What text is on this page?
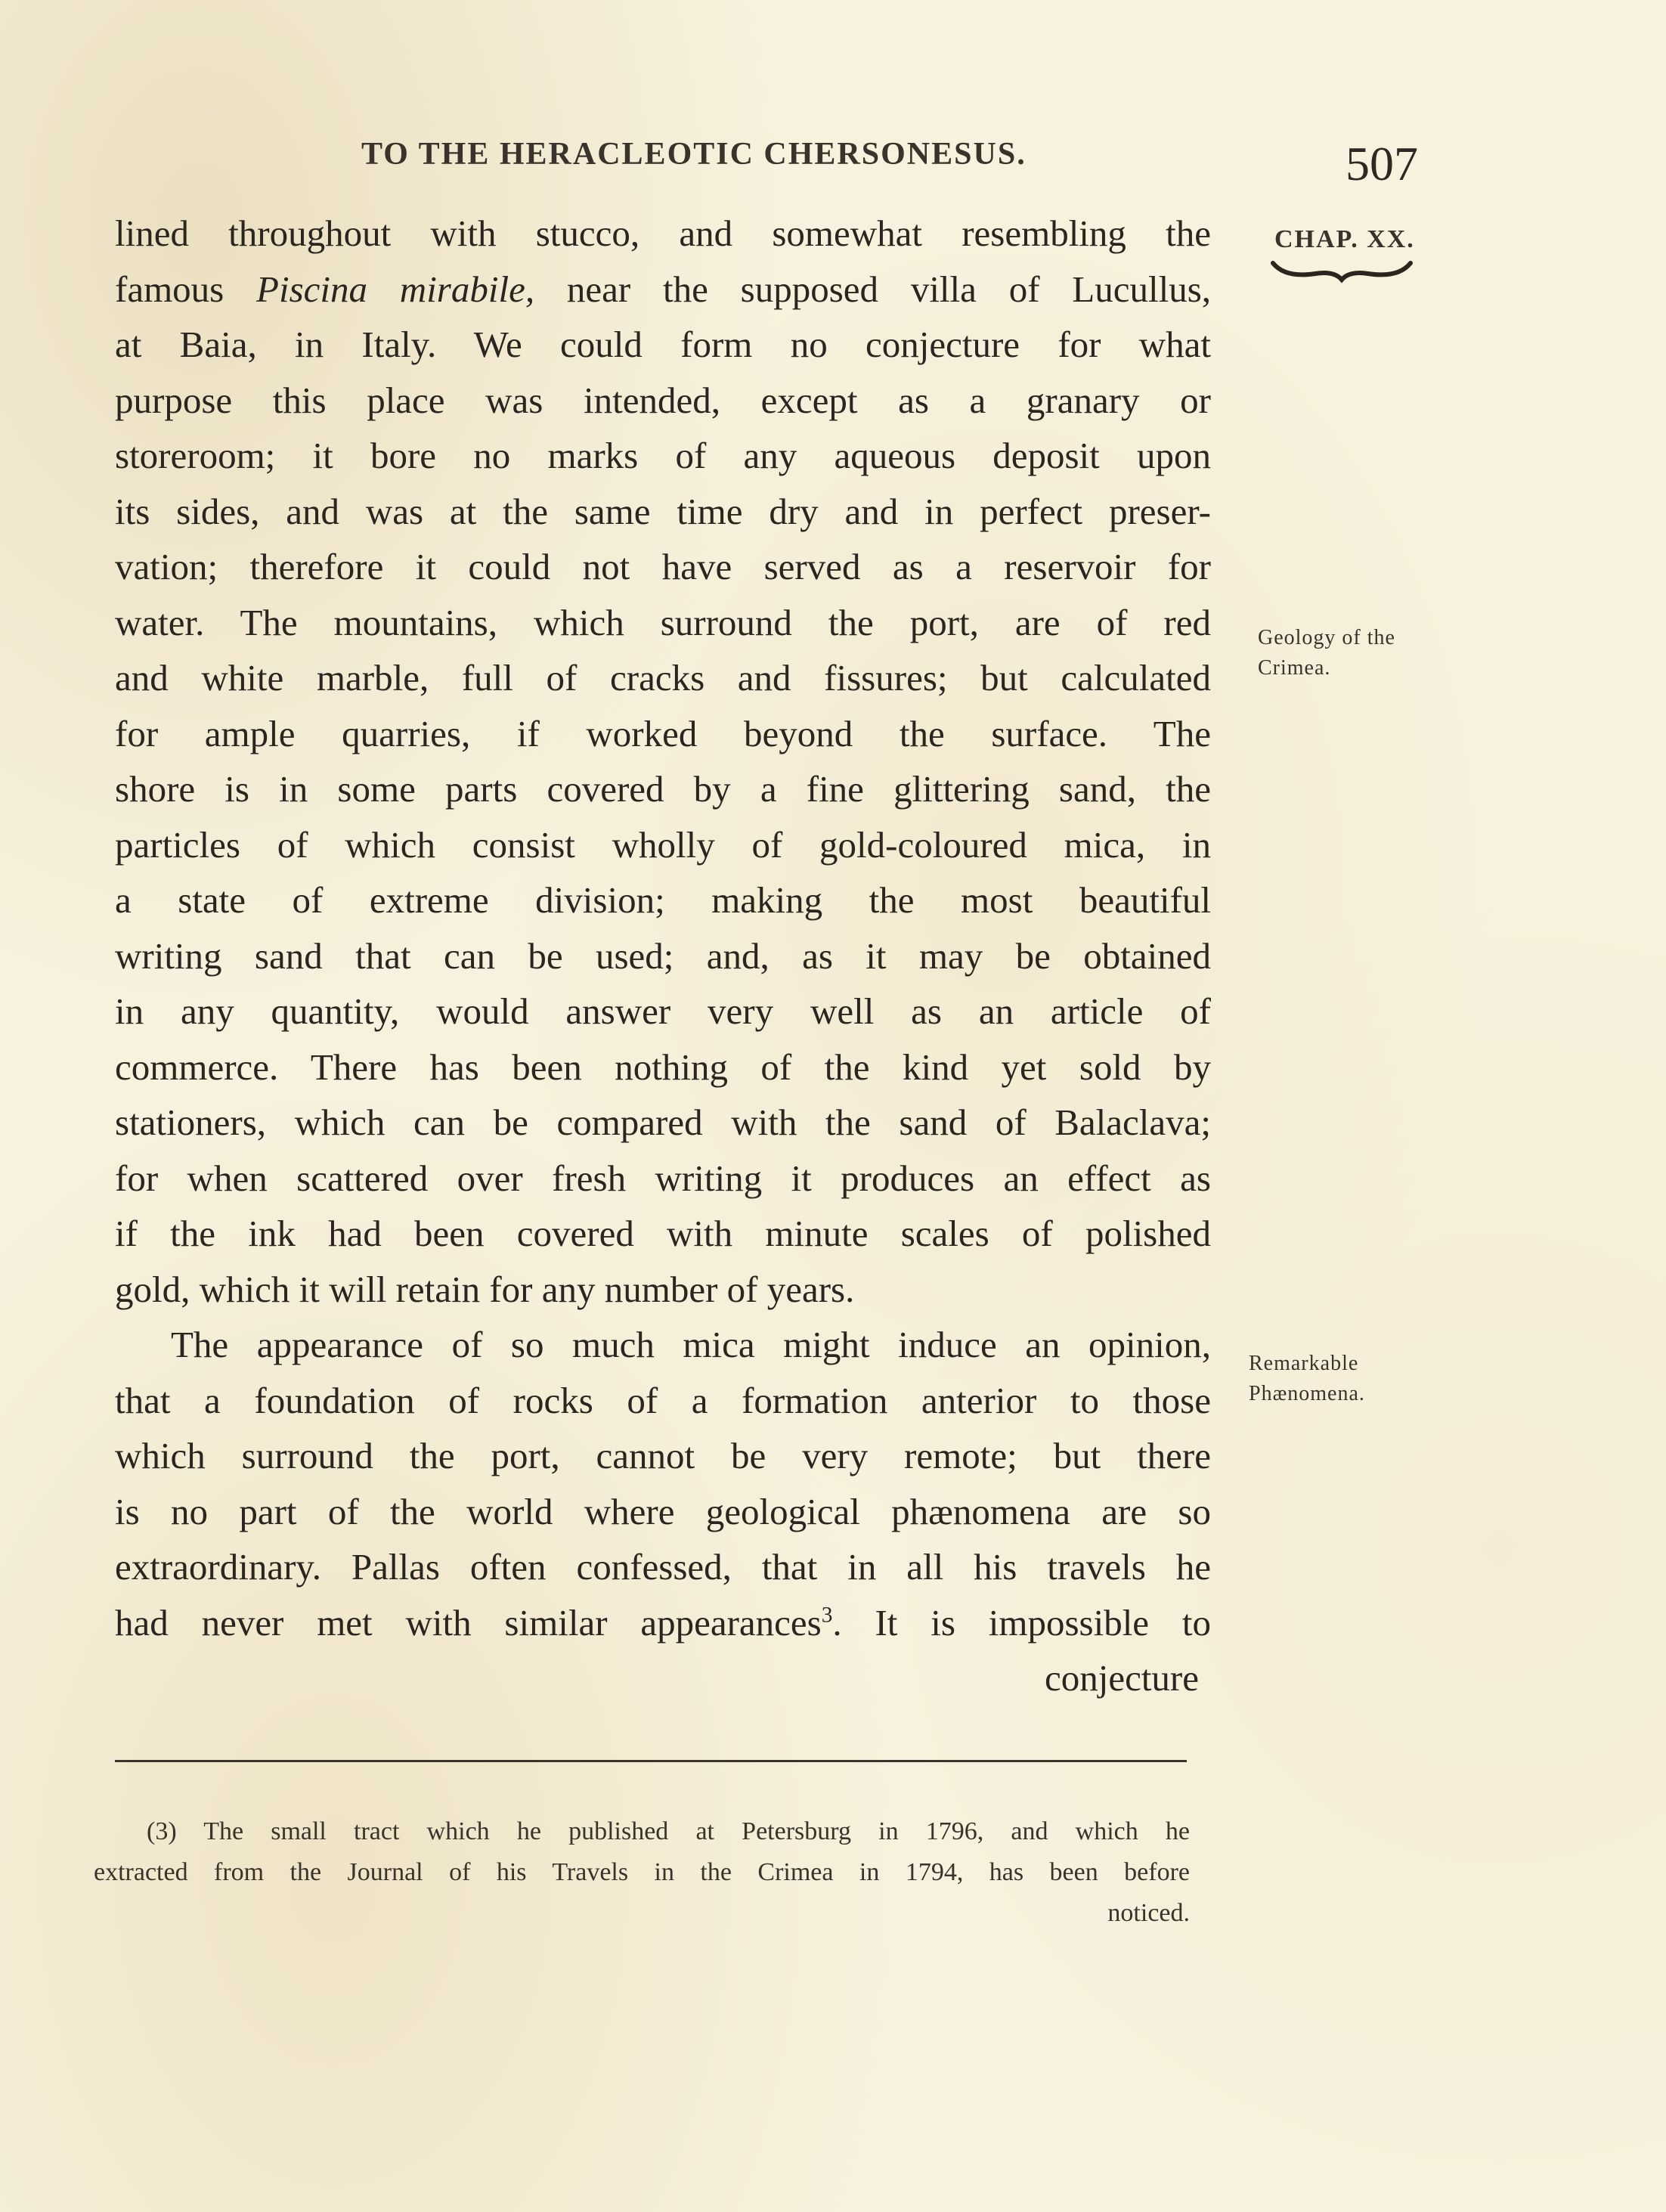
TO THE HERACLEOTIC CHERSONESUS.	507
CHAP. XX.
lined throughout with stucco, and somewhat resembling the
famous Piscina mirabile, near the supposed villa of Lucullus,
at Baia, in Italy. We could form no conjecture for what
purpose this place was intended, except as a granary or
storeroom; it bore no marks of any aqueous deposit upon
its sides, and was at the same time dry and in perfect preser-
vation; therefore it could not have served as a reservoir for
water. The mountains, which surround the port, are of red
and white marble, full of cracks and fissures; but calculated
for ample quarries, if worked beyond the surface. The
shore is in some parts covered by a fine glittering sand, the
particles of which consist wholly of gold-coloured mica, in
a state of extreme division; making the most beautiful
writing sand that can be used; and, as it may be obtained
in any quantity, would answer very well as an article of
commerce. There has been nothing of the kind yet sold by
stationers, which can be compared with the sand of Balaclava;
for when scattered over fresh writing it produces an effect as
if the ink had been covered with minute scales of polished
gold, which it will retain for any number of years.
The appearance of so much mica might induce an opinion,
that a foundation of rocks of a formation anterior to those
which surround the port, cannot be very remote; but there
is no part of the world where geological phænomena are so
extraordinary. Pallas often confessed, that in all his travels he
had never met with similar appearances$^3$. It is impossible to
conjecture
Geology of the
Crimea.
Remarkable
Phænomena.
(3) The small tract which he published at Petersburg in 1796, and which he
extracted from the Journal of his Travels in the Crimea in 1794, has been before
noticed.
